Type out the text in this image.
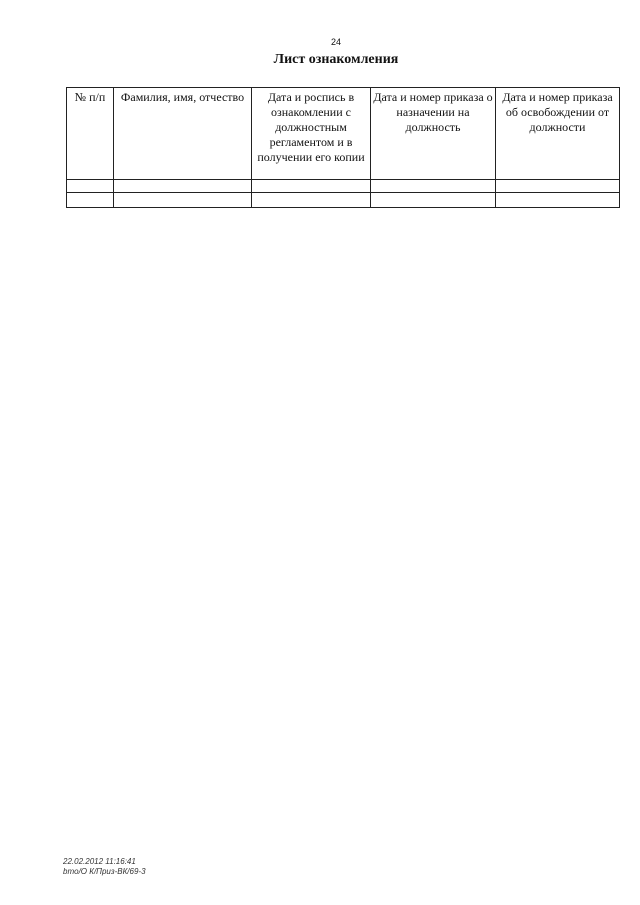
24
Лист ознакомления
№ п/п	Фамилия, имя, отчество	Дата и роспись в ознакомлении с должностным регламентом и в получении его копии	Дата и номер приказа о назначении на должность	Дата и номер приказа об освобождении от должности

22.02.2012 11:16:41
bmo/О К/Приз-ВК/69-3
